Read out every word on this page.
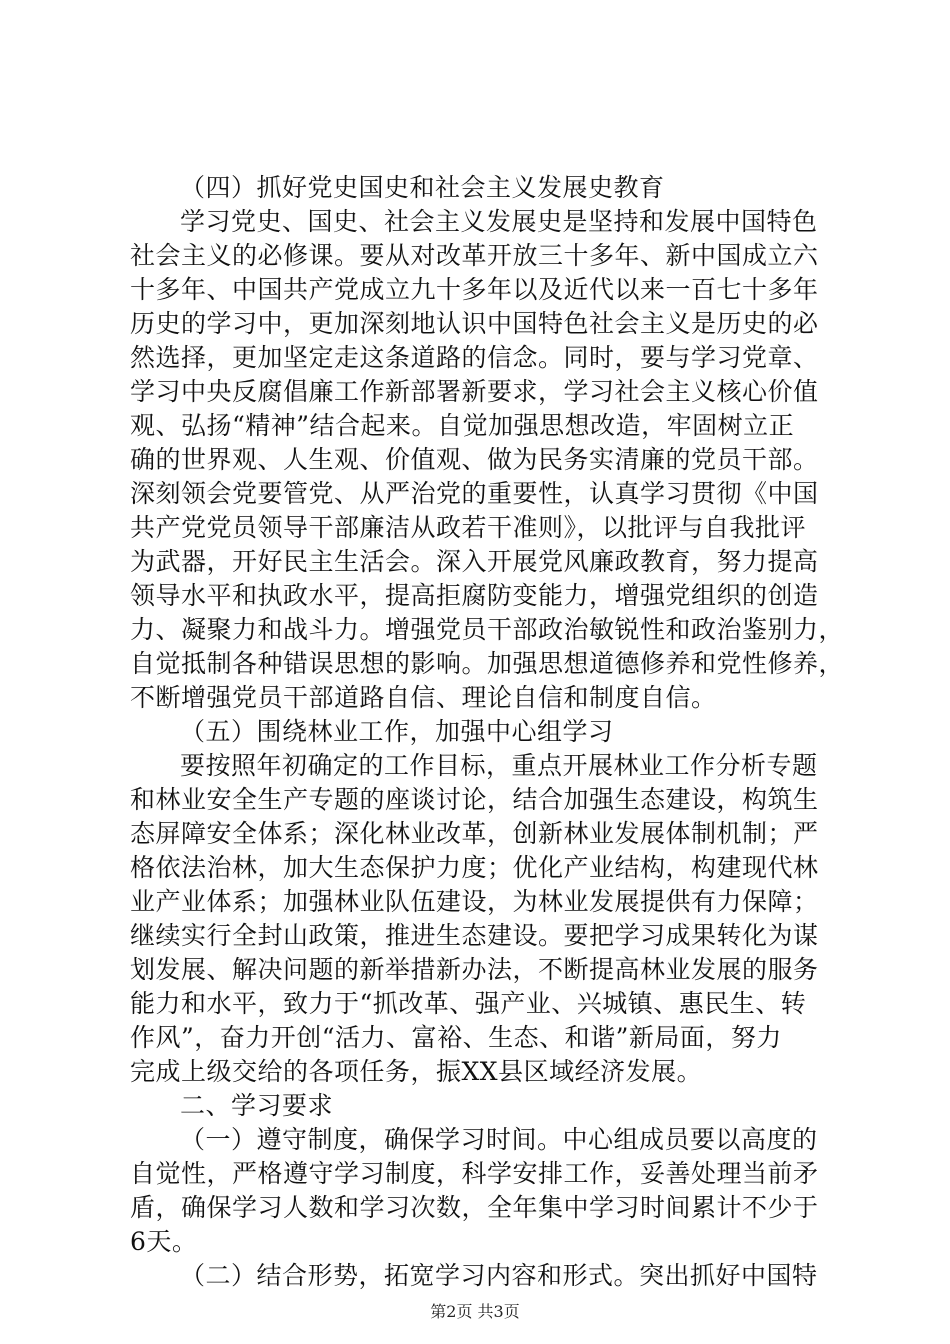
（四）抓好党史国史和社会主义发展史教育
学习党史、国史、社会主义发展史是坚持和发展中国特色
社会主义的必修课。要从对改革开放三十多年、新中国成立六
十多年、中国共产党成立九十多年以及近代以来一百七十多年
历史的学习中，更加深刻地认识中国特色社会主义是历史的必
然选择，更加坚定走这条道路的信念。同时，要与学习党章、
学习中央反腐倡廉工作新部署新要求，学习社会主义核心价值
观、弘扬“精神”结合起来。自觉加强思想改造，牢固树立正
确的世界观、人生观、价值观、做为民务实清廉的党员干部。
深刻领会党要管党、从严治党的重要性，认真学习贯彻《中国
共产党党员领导干部廉洁从政若干准则》，以批评与自我批评
为武器，开好民主生活会。深入开展党风廉政教育，努力提高
领导水平和执政水平，提高拒腐防变能力，增强党组织的创造
力、凝聚力和战斗力。增强党员干部政治敏锐性和政治鉴别力，
自觉抵制各种错误思想的影响。加强思想道德修养和党性修养，
不断增强党员干部道路自信、理论自信和制度自信。
（五）围绕林业工作，加强中心组学习
要按照年初确定的工作目标，重点开展林业工作分析专题
和林业安全生产专题的座谈讨论，结合加强生态建设，构筑生
态屏障安全体系；深化林业改革，创新林业发展体制机制；严
格依法治林，加大生态保护力度；优化产业结构，构建现代林
业产业体系；加强林业队伍建设，为林业发展提供有力保障；
继续实行全封山政策，推进生态建设。要把学习成果转化为谋
划发展、解决问题的新举措新办法，不断提高林业发展的服务
能力和水平，致力于“抓改革、强产业、兴城镇、惠民生、转
作风”，奋力开创“活力、富裕、生态、和谐”新局面，努力
完成上级交给的各项任务，振XX县区域经济发展。
二、学习要求
（一）遵守制度，确保学习时间。中心组成员要以高度的
自觉性，严格遵守学习制度，科学安排工作，妥善处理当前矛
盾，确保学习人数和学习次数，全年集中学习时间累计不少于
6天。
（二）结合形势，拓宽学习内容和形式。突出抓好中国特
第2页 共3页
